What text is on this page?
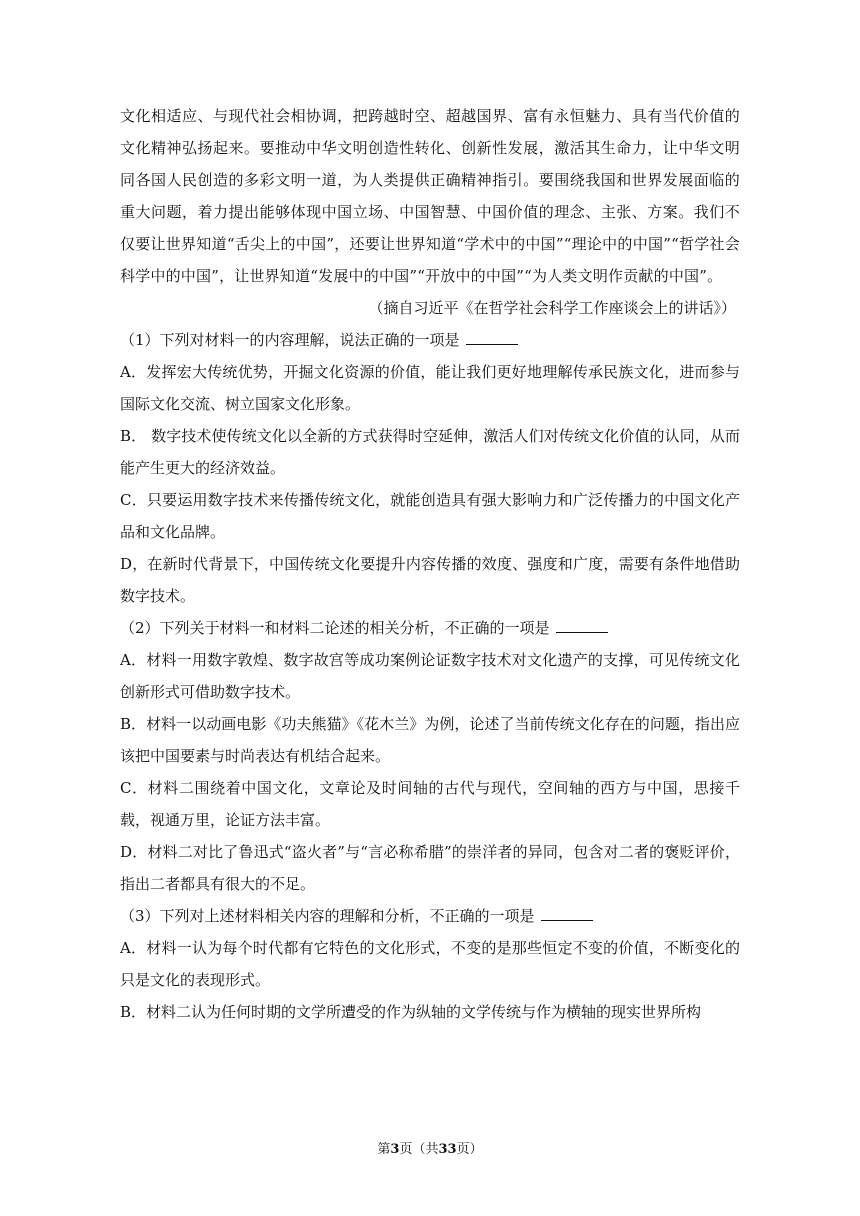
文化相适应、与现代社会相协调，把跨越时空、超越国界、富有永恒魅力、具有当代价值的文化精神弘扬起来。要推动中华文明创造性转化、创新性发展，激活其生命力，让中华文明同各国人民创造的多彩文明一道，为人类提供正确精神指引。要围绕我国和世界发展面临的重大问题，着力提出能够体现中国立场、中国智慧、中国价值的理念、主张、方案。我们不仅要让世界知道“舌尖上的中国”，还要让世界知道“学术中的中国”“理论中的中国”“哲学社会科学中的中国”，让世界知道“发展中的中国”“开放中的中国”“为人类文明作贡献的中国”。

（摘自习近平《在哲学社会科学工作座谈会上的讲话》）

（1）下列对材料一的内容理解，说法正确的一项是

A．发挥宏大传统优势，开掘文化资源的价值，能让我们更好地理解传承民族文化，进而参与国际文化交流、树立国家文化形象。

B． 数字技术使传统文化以全新的方式获得时空延伸，激活人们对传统文化价值的认同，从而能产生更大的经济效益。

C．只要运用数字技术来传播传统文化，就能创造具有强大影响力和广泛传播力的中国文化产品和文化品牌。

D，在新时代背景下，中国传统文化要提升内容传播的效度、强度和广度，需要有条件地借助数字技术。

（2）下列关于材料一和材料二论述的相关分析，不正确的一项是

A．材料一用数字敦煌、数字故宫等成功案例论证数字技术对文化遗产的支撑，可见传统文化创新形式可借助数字技术。

B．材料一以动画电影《功夫熊猫》《花木兰》为例，论述了当前传统文化存在的问题，指出应该把中国要素与时尚表达有机结合起来。

C．材料二围绕着中国文化，文章论及时间轴的古代与现代，空间轴的西方与中国，思接千载，视通万里，论证方法丰富。

D．材料二对比了鲁迅式“盗火者”与“言必称希腊”的崇洋者的异同，包含对二者的褒贬评价，指出二者都具有很大的不足。

（3）下列对上述材料相关内容的理解和分析，不正确的一项是

A．材料一认为每个时代都有它特色的文化形式，不变的是那些恒定不变的价值，不断变化的只是文化的表现形式。

B．材料二认为任何时期的文学所遭受的作为纵轴的文学传统与作为横轴的现实世界所构

第3页（共33页）
